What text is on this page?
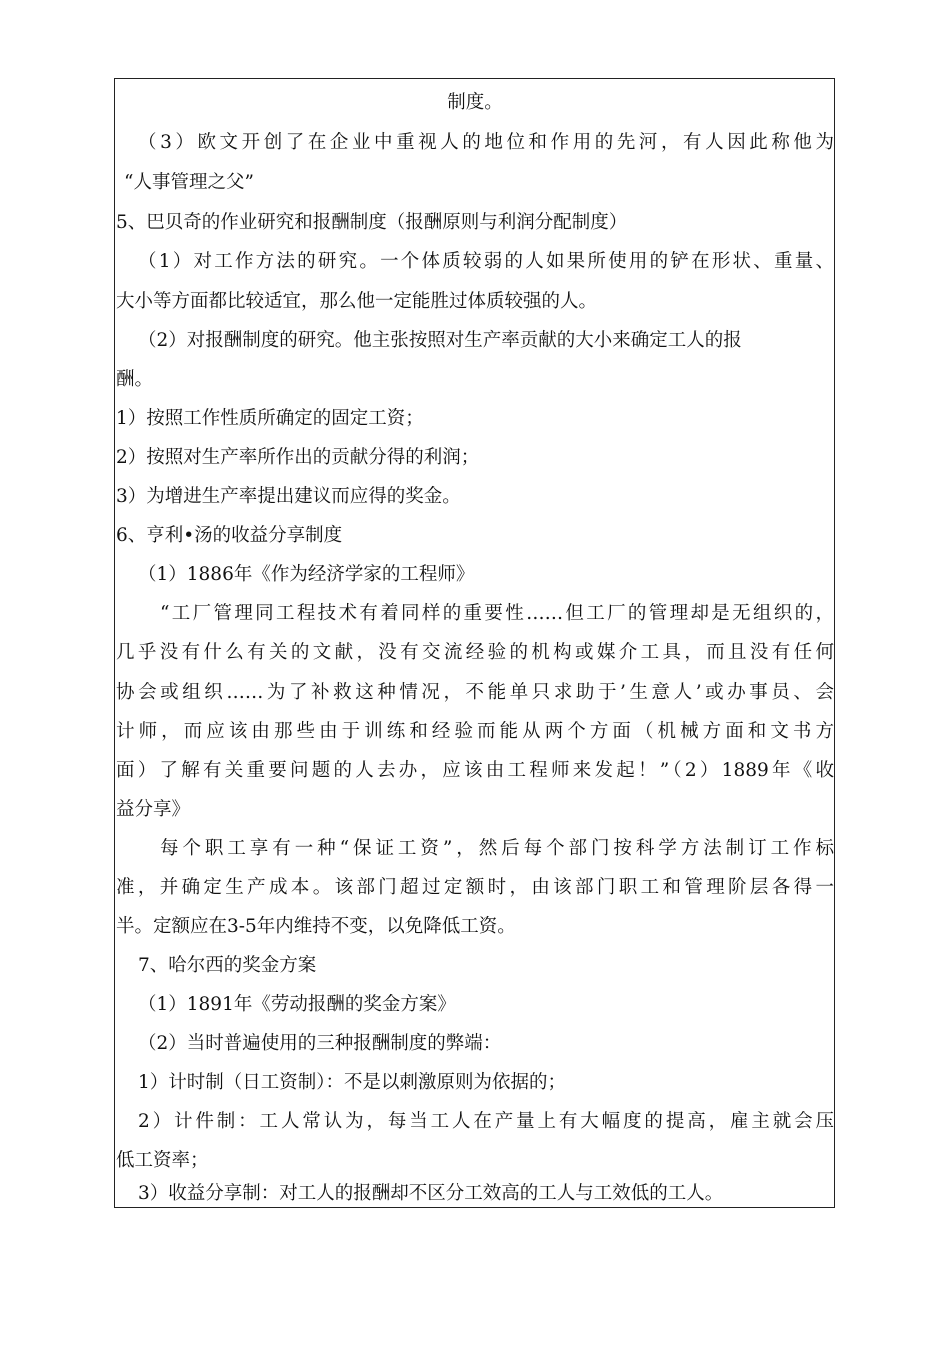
制度。
（3）欧文开创了在企业中重视人的地位和作用的先河，有人因此称他为
“人事管理之父”
5、巴贝奇的作业研究和报酬制度（报酬原则与利润分配制度）
（1）对工作方法的研究。一个体质较弱的人如果所使用的铲在形状、重量、
大小等方面都比较适宜，那么他一定能胜过体质较强的人。
（2）对报酬制度的研究。他主张按照对生产率贡献的大小来确定工人的报
酬。
1）按照工作性质所确定的固定工资；
2）按照对生产率所作出的贡献分得的利润；
3）为增进生产率提出建议而应得的奖金。
6、亨利•汤的收益分享制度
（1）1886年《作为经济学家的工程师》
“工厂管理同工程技术有着同样的重要性……但工厂的管理却是无组织的，
几乎没有什么有关的文献，没有交流经验的机构或媒介工具，而且没有任何
协会或组织……为了补救这种情况，不能单只求助于’生意人’或办事员、会
计师，而应该由那些由于训练和经验而能从两个方面（机械方面和文书方
面）了解有关重要问题的人去办，应该由工程师来发起！”（2）1889年《收
益分享》
每个职工享有一种“保证工资”，然后每个部门按科学方法制订工作标
准，并确定生产成本。该部门超过定额时，由该部门职工和管理阶层各得一
半。定额应在3-5年内维持不变，以免降低工资。
7、哈尔西的奖金方案
（1）1891年《劳动报酬的奖金方案》
（2）当时普遍使用的三种报酬制度的弊端：
1）计时制（日工资制）：不是以刺激原则为依据的；
2）计件制：工人常认为，每当工人在产量上有大幅度的提高，雇主就会压
低工资率；
3）收益分享制：对工人的报酬却不区分工效高的工人与工效低的工人。
